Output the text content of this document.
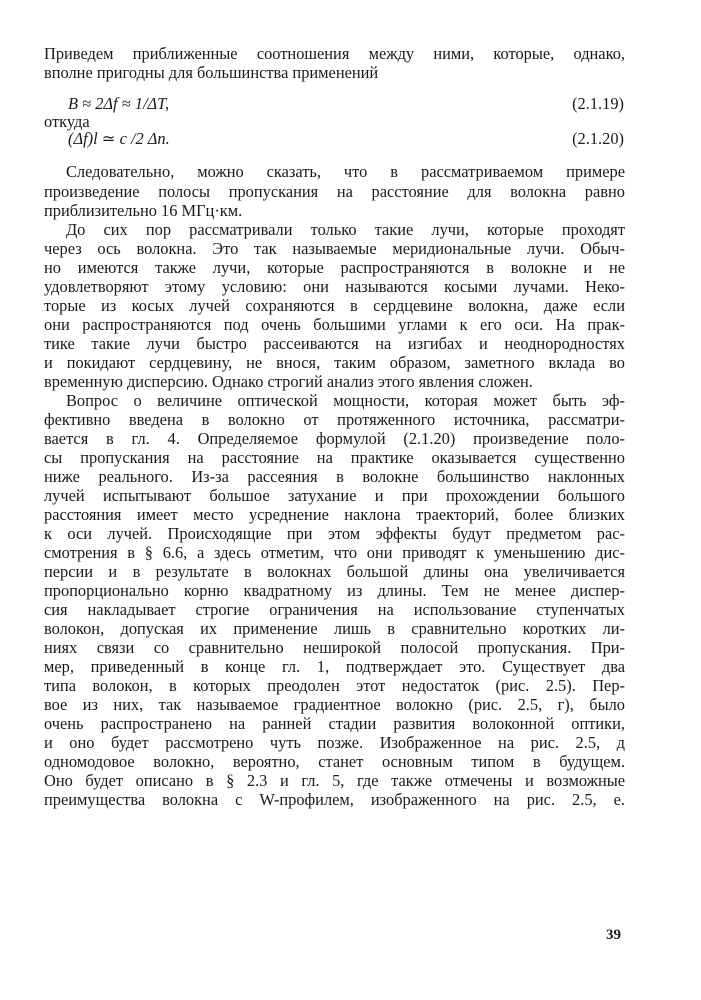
Приведем приближенные соотношения между ними, которые, однако,
вполне пригодны для большинства применений
B ≈ 2Δf ≈ 1/ΔT,	(2.1.19)
откуда
(Δf)l ≃ c /2 Δn.	(2.1.20)
Следовательно, можно сказать, что в рассматриваемом примере
произведение полосы пропускания на расстояние для волокна равно
приблизительно 16 МГц·км.
До сих пор рассматривали только такие лучи, которые проходят
через ось волокна. Это так называемые меридиональные лучи. Обыч-
но имеются также лучи, которые распространяются в волокне и не
удовлетворяют этому условию: они называются косыми лучами. Неко-
торые из косых лучей сохраняются в сердцевине волокна, даже если
они распространяются под очень большими углами к его оси. На прак-
тике такие лучи быстро рассеиваются на изгибах и неоднородностях
и покидают сердцевину, не внося, таким образом, заметного вклада во
временную дисперсию. Однако строгий анализ этого явления сложен.
Вопрос о величине оптической мощности, которая может быть эф-
фективно введена в волокно от протяженного источника, рассматри-
вается в гл. 4. Определяемое формулой (2.1.20) произведение поло-
сы пропускания на расстояние на практике оказывается существенно
ниже реального. Из-за рассеяния в волокне большинство наклонных
лучей испытывают большое затухание и при прохождении большого
расстояния имеет место усреднение наклона траекторий, более близких
к оси лучей. Происходящие при этом эффекты будут предметом рас-
смотрения в § 6.6, а здесь отметим, что они приводят к уменьшению дис-
персии и в результате в волокнах большой длины она увеличивается
пропорционально корню квадратному из длины. Тем не менее диспер-
сия накладывает строгие ограничения на использование ступенчатых
волокон, допуская их применение лишь в сравнительно коротких ли-
ниях связи со сравнительно неширокой полосой пропускания. При-
мер, приведенный в конце гл. 1, подтверждает это. Существует два
типа волокон, в которых преодолен этот недостаток (рис. 2.5). Пер-
вое из них, так называемое градиентное волокно (рис. 2.5, г), было
очень распространено на ранней стадии развития волоконной оптики,
и оно будет рассмотрено чуть позже. Изображенное на рис. 2.5, д
одномодовое волокно, вероятно, станет основным типом в будущем.
Оно будет описано в § 2.3 и гл. 5, где также отмечены и возможные
преимущества волокна с W-профилем, изображенного на рис. 2.5, е.
39
